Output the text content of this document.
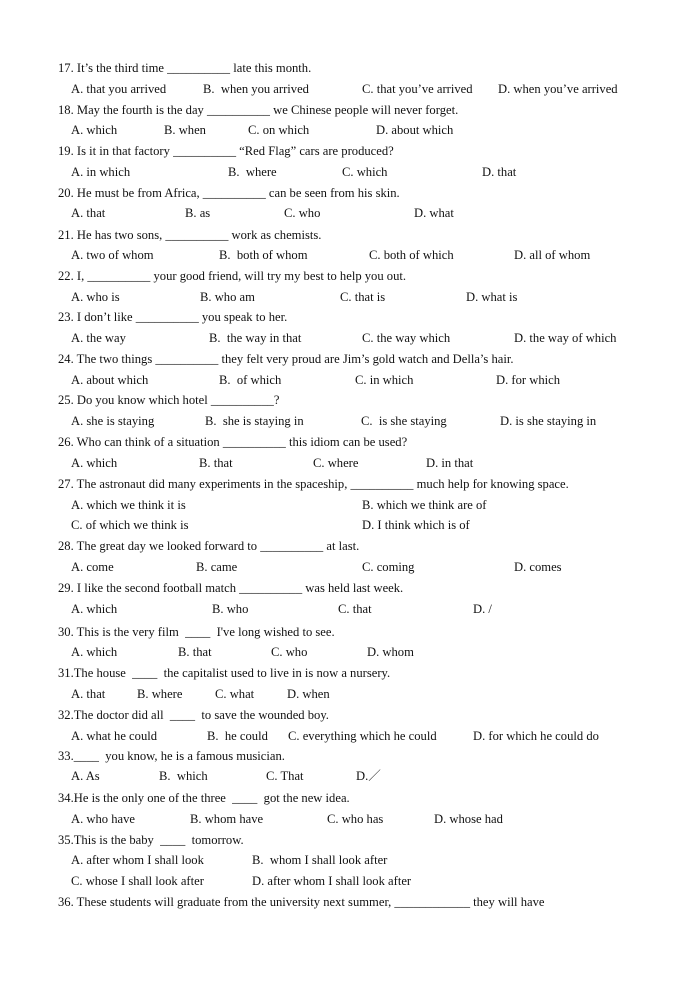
17. It’s the third time __________ late this month.
18. May the fourth is the day __________ we Chinese people will never forget.
19. Is it in that factory __________ “Red Flag” cars are produced?
20. He must be from Africa, __________ can be seen from his skin.
21. He has two sons, __________ work as chemists.
22. I, __________ your good friend, will try my best to help you out.
23. I don’t like __________ you speak to her.
24. The two things __________ they felt very proud are Jim’s gold watch and Della’s hair.
25. Do you know which hotel __________?
26. Who can think of a situation __________ this idiom can be used?
27. The astronaut did many experiments in the spaceship, __________ much help for knowing space.
28. The great day we looked forward to __________ at last.
29. I like the second football match __________ was held last week.
30. This is the very film  ____  I've long wished to see.
31.The house  ____  the capitalist used to live in is now a nursery.
32.The doctor did all  ____  to save the wounded boy.
33.____  you know, he is a famous musician.
34.He is the only one of the three  ____  got the new idea.
35.This is the baby  ____  tomorrow.
36. These students will graduate from the university next summer, ____________ they will have
A. that you arrived	B.  when you arrived	C. that you’ve arrived D. when you’ve arrived
A. which	B. when	C. on which	D. about which
A. in which	B.  where	C. which	D. that
A. that	B. as	C. who	D. what
A. two of whom	B.  both of whom	C. both of which	D. all of whom
A. who is	B. who am	C. that is	D. what is
A. the way	B.  the way in that	C. the way which	D. the way of which
A. about which	B.  of which	C. in which	D. for which
A. she is staying	B.  she is staying in	C.  is she staying	D. is she staying in
A. which	B. that	C. where	D. in that
A. which we think it is	B. which we think are of
C. of which we think is	D. I think which is of
A. come	B. came	C. coming	D. comes
A. which	B. who	C. that	D. /
A. which	B. that	C. who	D. whom
A. that	B. where	C. what	D. when
A. what he could	B.  he could C. everything which he could	D. for which he could do
A. As	B.  which	C. That	D.／
A. who have	B. whom have	C. who has	D. whose had
A. after whom I shall look	B.  whom I shall look after
C. whose I shall look after	D. after whom I shall look after
